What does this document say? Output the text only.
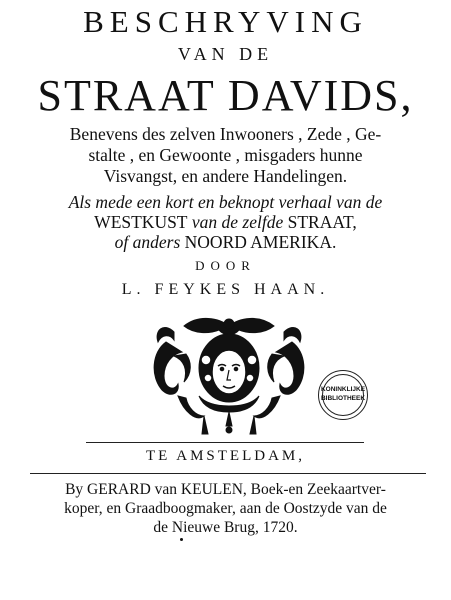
BESCHRYVING
VAN DE
STRAAT DAVIDS,
Benevens des zelven Inwooners , Zede , Ge-
stalte , en Gewoonte , misgaders hunne
Visvangst, en andere Handelingen.
Als mede een kort en beknopt verhaal van de
WESTKUST van de zelfde STRAAT,
of anders NOORD AMERIKA.
DOOR
L. FEYKES HAAN.
KONINKLIJKE
BIBLIOTHEEK
TE AMSTELDAM,
By GERARD van KEULEN, Boek-en Zeekaartver-
koper, en Graadboogmaker, aan de Oostzyde van de
de Nieuwe Brug, 1720.
